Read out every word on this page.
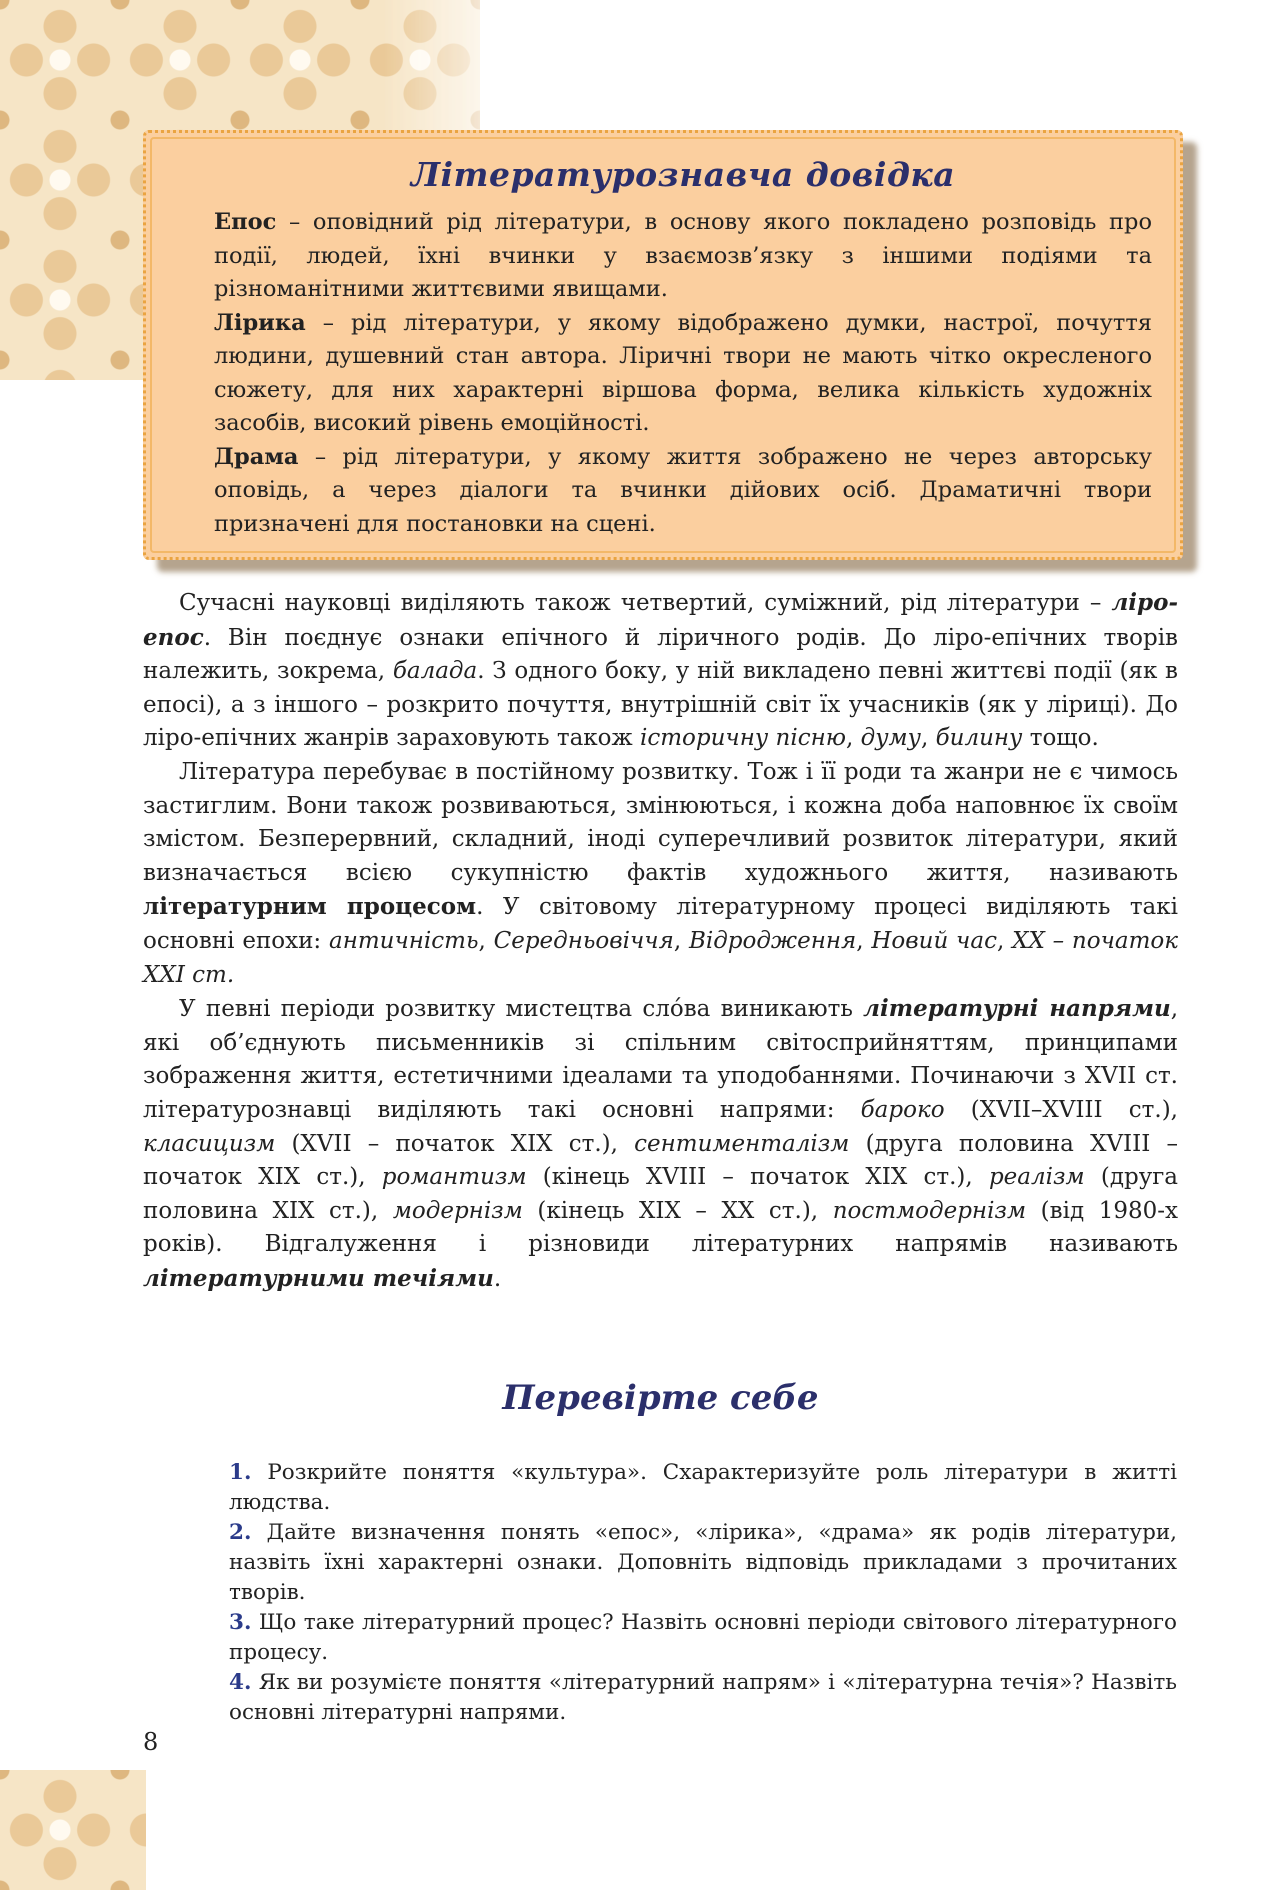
Літературознавча довідка

Епос – оповідний рід літератури, в основу якого покладено розповідь про події, людей, їхні вчинки у взаємозв’язку з іншими подіями та різноманітними життєвими явищами.

Лірика – рід літератури, у якому відображено думки, настрої, почуття людини, душевний стан автора. Ліричні твори не мають чітко окресленого сюжету, для них характерні віршова форма, велика кількість художніх засобів, високий рівень емоційності.

Драма – рід літератури, у якому життя зображено не через авторську оповідь, а через діалоги та вчинки дійових осіб. Драматичні твори призначені для постановки на сцені.

Сучасні науковці виділяють також четвертий, суміжний, рід літератури – ліро-епос. Він поєднує ознаки епічного й ліричного родів. До ліро-епічних творів належить, зокрема, балада. З одного боку, у ній викладено певні життєві події (як в епосі), а з іншого – розкрито почуття, внутрішній світ їх учасників (як у ліриці). До ліро-епічних жанрів зараховують також історичну пісню, думу, билину тощо.

Література перебуває в постійному розвитку. Тож і її роди та жанри не є чимось застиглим. Вони також розвиваються, змінюються, і кожна доба наповнює їх своїм змістом. Безперервний, складний, іноді суперечливий розвиток літератури, який визначається всією сукупністю фактів художнього життя, називають літературним процесом. У світовому літературному процесі виділяють такі основні епохи: античність, Середньовіччя, Відродження, Новий час, ХХ – початок ХХІ ст.

У певні періоди розвитку мистецтва сло́ва виникають літературні напрями, які об’єднують письменників зі спільним світосприйняттям, принципами зображення життя, естетичними ідеалами та уподобаннями. Починаючи з XVII ст. літературознавці виділяють такі основні напрями: бароко (XVII–XVIII ст.), класицизм (XVII – початок XIX ст.), сентименталізм (друга половина XVIII – початок XIX ст.), романтизм (кінець XVIII – початок XIX ст.), реалізм (друга половина XIX ст.), модернізм (кінець XIX – XX ст.), постмодернізм (від 1980-х років). Відгалуження і різновиди літературних напрямів називають літературними течіями.

Перевірте себе

1. Розкрийте поняття «культура». Схарактеризуйте роль літератури в житті людства.

2. Дайте визначення понять «епос», «лірика», «драма» як родів літератури, назвіть їхні характерні ознаки. Доповніть відповідь прикладами з прочитаних творів.

3. Що таке літературний процес? Назвіть основні періоди світового літературного процесу.

4. Як ви розумієте поняття «літературний напрям» і «літературна течія»? Назвіть основні літературні напрями.

8
